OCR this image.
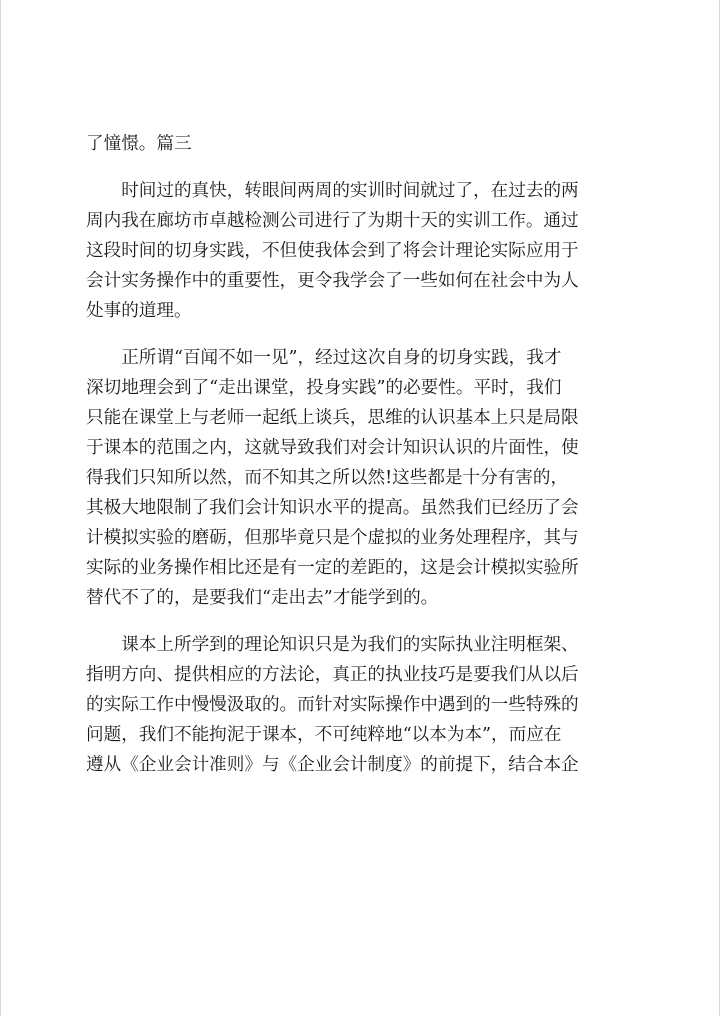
了憧憬。篇三
　　时间过的真快，转眼间两周的实训时间就过了，在过去的两
周内我在廊坊市卓越检测公司进行了为期十天的实训工作。通过
这段时间的切身实践，不但使我体会到了将会计理论实际应用于
会计实务操作中的重要性，更令我学会了一些如何在社会中为人
处事的道理。
　　正所谓“百闻不如一见”，经过这次自身的切身实践，我才
深切地理会到了“走出课堂，投身实践”的必要性。平时，我们
只能在课堂上与老师一起纸上谈兵，思维的认识基本上只是局限
于课本的范围之内，这就导致我们对会计知识认识的片面性，使
得我们只知所以然，而不知其之所以然!这些都是十分有害的，
其极大地限制了我们会计知识水平的提高。虽然我们已经历了会
计模拟实验的磨砺，但那毕竟只是个虚拟的业务处理程序，其与
实际的业务操作相比还是有一定的差距的，这是会计模拟实验所
替代不了的，是要我们“走出去”才能学到的。
　　课本上所学到的理论知识只是为我们的实际执业注明框架、
指明方向、提供相应的方法论，真正的执业技巧是要我们从以后
的实际工作中慢慢汲取的。而针对实际操作中遇到的一些特殊的
问题，我们不能拘泥于课本，不可纯粹地“以本为本”，而应在
遵从《企业会计准则》与《企业会计制度》的前提下，结合本企
